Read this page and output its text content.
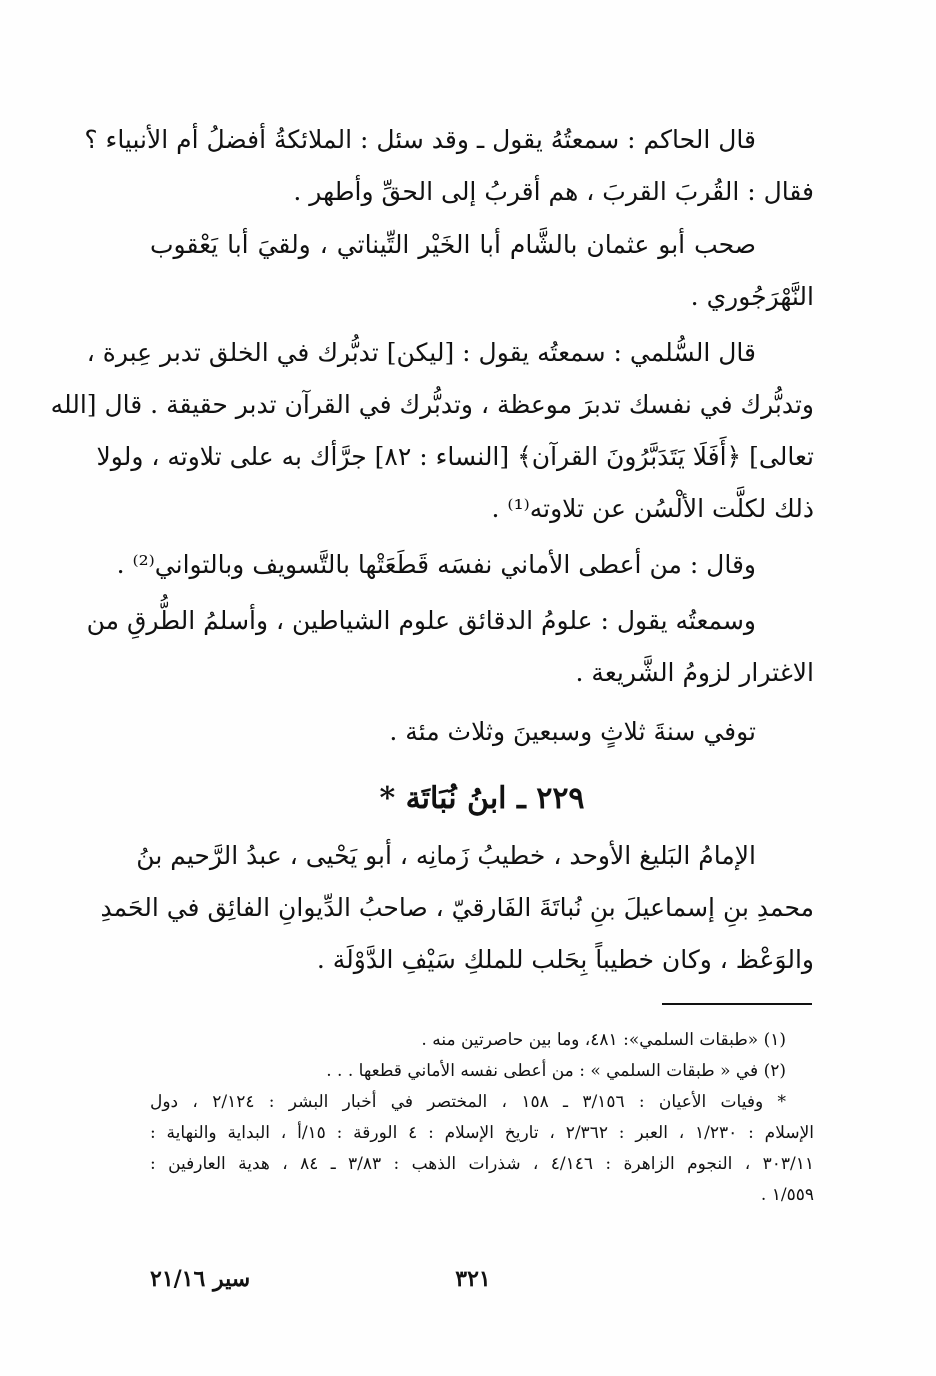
قال الحاكم : سمعتُهُ يقول ـ وقد سئل : الملائكةُ أفضلُ أم الأنبياء ؟
فقال : القُربَ القربَ ، هم أقربُ إلى الحقِّ وأطهر .
صحب أبو عثمان بالشَّام أبا الخَيْر التِّيناتي ، ولقيَ أبا يَعْقوب
النَّهْرَجُوري .
قال السُّلمي : سمعتُه يقول : [ليكن] تدبُّرك في الخلق تدبر عِبرة ،
وتدبُّرك في نفسك تدبرَ موعظة ، وتدبُّرك في القرآن تدبر حقيقة . قال [الله
تعالى] ﴿أَفَلَا يَتَدَبَّرُونَ القرآن﴾ [النساء : ٨٢] جرَّأك به على تلاوته ، ولولا
ذلك لكلَّت الألْسُن عن تلاوته⁽¹⁾ .
وقال : من أعطى الأماني نفسَه قَطَعَتْها بالتَّسويف وبالتواني⁽²⁾ .
وسمعتُه يقول : علومُ الدقائق علوم الشياطين ، وأسلمُ الطُّرقِ من
الاغترار لزومُ الشَّريعة .
توفي سنةَ ثلاثٍ وسبعينَ وثلاث مئة .
٢٢٩ ـ ابنُ نُبَاتَة *
الإمامُ البَليغ الأوحد ، خطيبُ زَمانِه ، أبو يَحْيى ، عبدُ الرَّحيم بنُ
محمدِ بنِ إسماعيلَ بنِ نُباتَةَ الفَارقيّ ، صاحبُ الدِّيوانِ الفائِق في الحَمدِ
والوَعْظ ، وكان خطيباً بِحَلب للملكِ سَيْفِ الدَّوْلَة .
(١) «طبقات السلمي»: ٤٨١، وما بين حاصرتين منه .
(٢) في « طبقات السلمي » : من أعطى نفسه الأماني قطعها . . .
* وفيات الأعيان : ٣/١٥٦ ـ ١٥٨ ، المختصر في أخبار البشر : ٢/١٢٤ ، دول
الإسلام : ١/٢٣٠ ، العبر : ٢/٣٦٢ ، تاريخ الإسلام : ٤ الورقة : ١٥/أ ، البداية والنهاية :
٣٠٣/١١ ، النجوم الزاهرة : ٤/١٤٦ ، شذرات الذهب : ٣/٨٣ ـ ٨٤ ، هدية العارفين :
١/٥٥٩ .
٣٢١
سير ٢١/١٦
